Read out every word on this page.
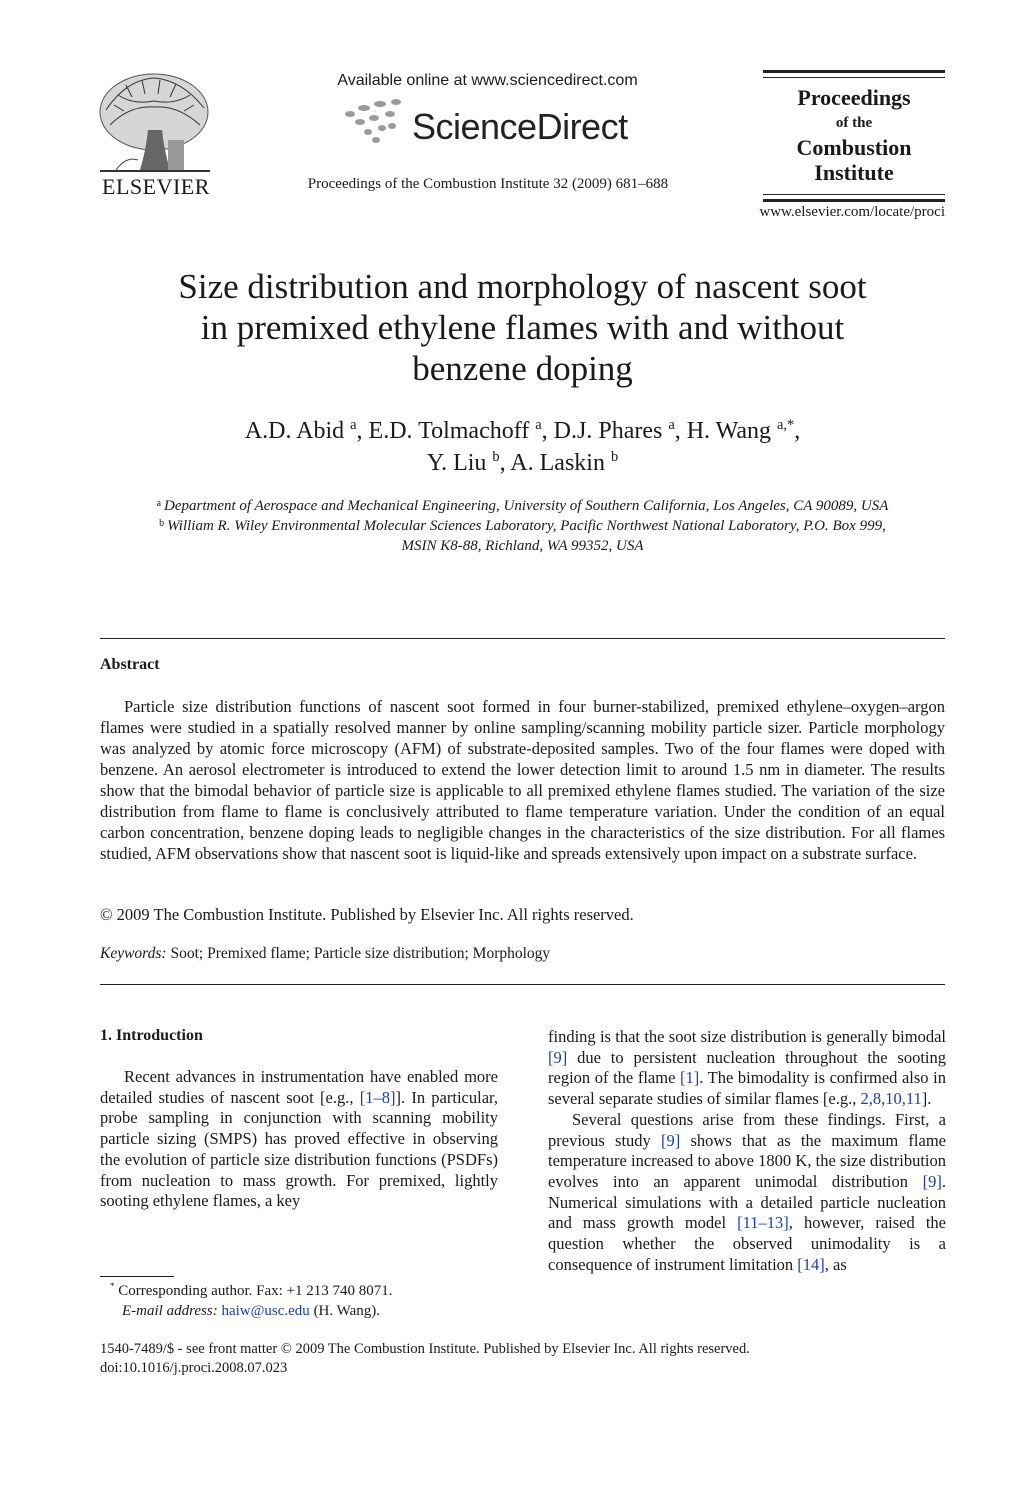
ELSEVIER
Available online at www.sciencedirect.com
ScienceDirect
Proceedings of the Combustion Institute 32 (2009) 681–688
Proceedings
of the
Combustion
Institute
www.elsevier.com/locate/proci
Size distribution and morphology of nascent soot
in premixed ethylene flames with and without
benzene doping
A.D. Abid $^a$, E.D. Tolmachoff $^a$, D.J. Phares $^a$, H. Wang $^{a,*}$,
Y. Liu $^b$, A. Laskin $^b$
$^a$ Department of Aerospace and Mechanical Engineering, University of Southern California, Los Angeles, CA 90089, USA
$^b$ William R. Wiley Environmental Molecular Sciences Laboratory, Pacific Northwest National Laboratory, P.O. Box 999,
MSIN K8-88, Richland, WA 99352, USA
Abstract

Particle size distribution functions of nascent soot formed in four burner-stabilized, premixed ethylene–oxygen–argon flames were studied in a spatially resolved manner by online sampling/scanning mobility particle sizer. Particle morphology was analyzed by atomic force microscopy (AFM) of substrate-deposited samples. Two of the four flames were doped with benzene. An aerosol electrometer is introduced to extend the lower detection limit to around 1.5 nm in diameter. The results show that the bimodal behavior of particle size is applicable to all premixed ethylene flames studied. The variation of the size distribution from flame to flame is conclusively attributed to flame temperature variation. Under the condition of an equal carbon concentration, benzene doping leads to negligible changes in the characteristics of the size distribution. For all flames studied, AFM observations show that nascent soot is liquid-like and spreads extensively upon impact on a substrate surface.

© 2009 The Combustion Institute. Published by Elsevier Inc. All rights reserved.
Keywords: Soot; Premixed flame; Particle size distribution; Morphology
1. Introduction

Recent advances in instrumentation have enabled more detailed studies of nascent soot [e.g., [1–8]]. In particular, probe sampling in conjunction with scanning mobility particle sizing (SMPS) has proved effective in observing the evolution of particle size distribution functions (PSDFs) from nucleation to mass growth. For premixed, lightly sooting ethylene flames, a key

finding is that the soot size distribution is generally bimodal [9] due to persistent nucleation throughout the sooting region of the flame [1]. The bimodality is confirmed also in several separate studies of similar flames [e.g., 2,8,10,11].

Several questions arise from these findings. First, a previous study [9] shows that as the maximum flame temperature increased to above 1800 K, the size distribution evolves into an apparent unimodal distribution [9]. Numerical simulations with a detailed particle nucleation and mass growth model [11–13], however, raised the question whether the observed unimodality is a consequence of instrument limitation [14], as

* Corresponding author. Fax: +1 213 740 8071.
E-mail address: haiw@usc.edu (H. Wang).
1540-7489/$ - see front matter © 2009 The Combustion Institute. Published by Elsevier Inc. All rights reserved.
doi:10.1016/j.proci.2008.07.023
